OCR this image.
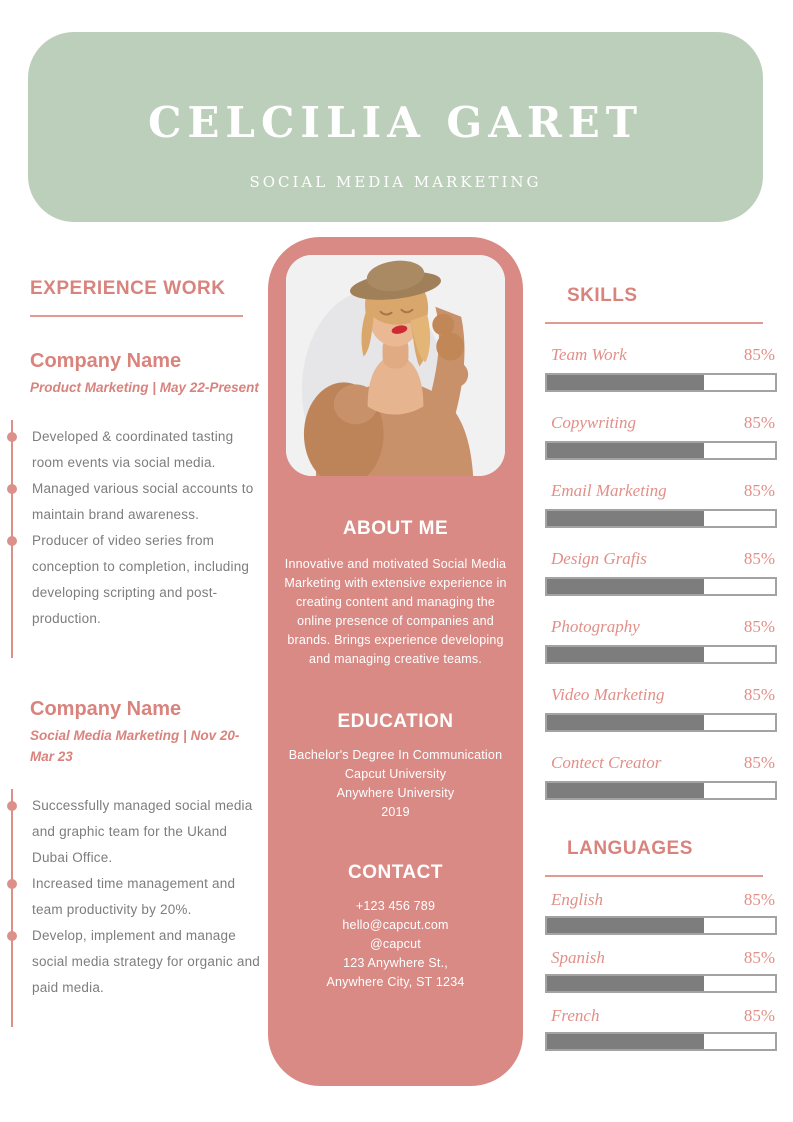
CELCILIA GARET
SOCIAL MEDIA MARKETING
EXPERIENCE WORK
Company Name
Product Marketing | May 22-Present
Developed & coordinated tasting room events via social media.
Managed various social accounts to maintain brand awareness.
Producer of video series from conception to completion, including developing scripting and post-production.
Company Name
Social Media Marketing | Nov 20-Mar 23
Successfully managed social media and graphic team for the Ukand Dubai Office.
Increased time management and team productivity by 20%.
Develop, implement and manage social media strategy for organic and paid media.
ABOUT ME
Innovative and motivated Social Media Marketing with extensive experience in creating content and managing the online presence of companies and brands. Brings experience developing and managing creative teams.
EDUCATION
Bachelor's Degree In Communication
Capcut University
Anywhere University
2019
CONTACT
+123 456 789
hello@capcut.com
@capcut
123 Anywhere St.,
Anywhere City, ST 1234
SKILLS
Team Work	85%
Copywriting	85%
Email Marketing	85%
Design Grafis	85%
Photography	85%
Video Marketing	85%
Contect Creator	85%
LANGUAGES
English	85%
Spanish	85%
French	85%
